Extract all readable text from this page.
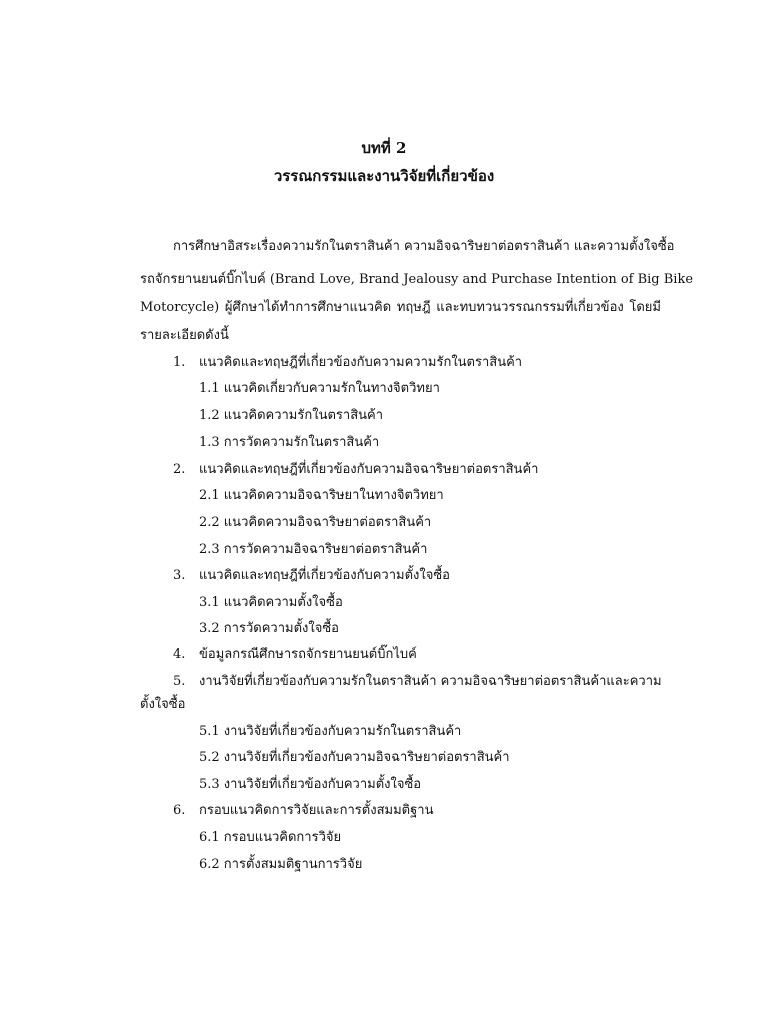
บทที่ 2
วรรณกรรมและงานวิจัยที่เกี่ยวข้อง
การศึกษาอิสระเรื่องความรักในตราสินค้า ความอิจฉาริษยาต่อตราสินค้า และความตั้งใจซื้อ
รถจักรยานยนต์บิ๊กไบค์ (Brand Love, Brand Jealousy and Purchase Intention of Big Bike
Motorcycle) ผู้ศึกษาได้ทำการศึกษาแนวคิด ทฤษฎี และทบทวนวรรณกรรมที่เกี่ยวข้อง โดยมี
รายละเอียดดังนี้
1. แนวคิดและทฤษฎีที่เกี่ยวข้องกับความความรักในตราสินค้า
1.1 แนวคิดเกี่ยวกับความรักในทางจิตวิทยา
1.2 แนวคิดความรักในตราสินค้า
1.3 การวัดความรักในตราสินค้า
2. แนวคิดและทฤษฎีที่เกี่ยวข้องกับความอิจฉาริษยาต่อตราสินค้า
2.1 แนวคิดความอิจฉาริษยาในทางจิตวิทยา
2.2 แนวคิดความอิจฉาริษยาต่อตราสินค้า
2.3 การวัดความอิจฉาริษยาต่อตราสินค้า
3. แนวคิดและทฤษฎีที่เกี่ยวข้องกับความตั้งใจซื้อ
3.1 แนวคิดความตั้งใจซื้อ
3.2 การวัดความตั้งใจซื้อ
4. ข้อมูลกรณีศึกษารถจักรยานยนต์บิ๊กไบค์
5. งานวิจัยที่เกี่ยวข้องกับความรักในตราสินค้า ความอิจฉาริษยาต่อตราสินค้าและความ
ตั้งใจซื้อ
5.1 งานวิจัยที่เกี่ยวข้องกับความรักในตราสินค้า
5.2 งานวิจัยที่เกี่ยวข้องกับความอิจฉาริษยาต่อตราสินค้า
5.3 งานวิจัยที่เกี่ยวข้องกับความตั้งใจซื้อ
6. กรอบแนวคิดการวิจัยและการตั้งสมมติฐาน
6.1 กรอบแนวคิดการวิจัย
6.2 การตั้งสมมติฐานการวิจัย
